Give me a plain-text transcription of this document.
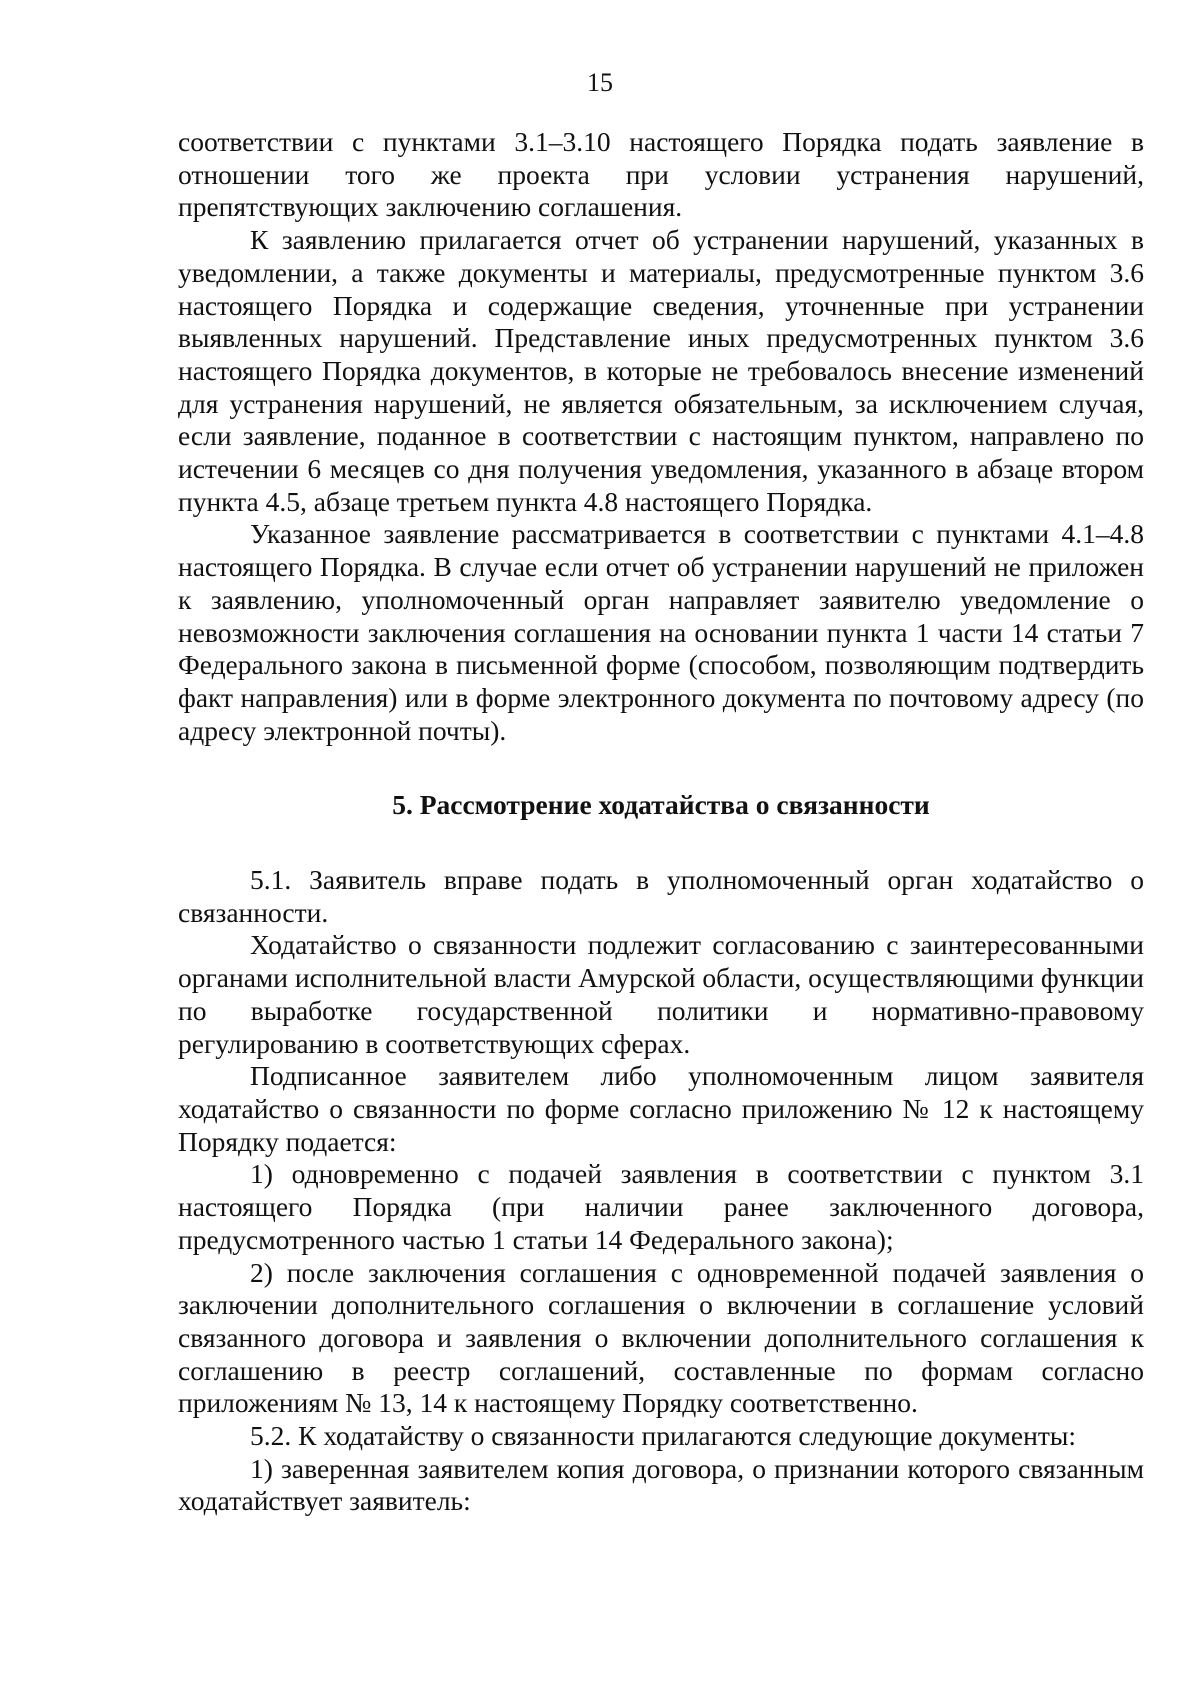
15

соответствии с пунктами 3.1–3.10 настоящего Порядка подать заявление в отношении того же проекта при условии устранения нарушений, препятствующих заключению соглашения.

К заявлению прилагается отчет об устранении нарушений, указанных в уведомлении, а также документы и материалы, предусмотренные пунктом 3.6 настоящего Порядка и содержащие сведения, уточненные при устранении выявленных нарушений. Представление иных предусмотренных пунктом 3.6 настоящего Порядка документов, в которые не требовалось внесение изменений для устранения нарушений, не является обязательным, за исключением случая, если заявление, поданное в соответствии с настоящим пунктом, направлено по истечении 6 месяцев со дня получения уведомления, указанного в абзаце втором пункта 4.5, абзаце третьем пункта 4.8 настоящего Порядка.

Указанное заявление рассматривается в соответствии с пунктами 4.1–4.8 настоящего Порядка. В случае если отчет об устранении нарушений не приложен к заявлению, уполномоченный орган направляет заявителю уведомление о невозможности заключения соглашения на основании пункта 1 части 14 статьи 7 Федерального закона в письменной форме (способом, позволяющим подтвердить факт направления) или в форме электронного документа по почтовому адресу (по адресу электронной почты).

5. Рассмотрение ходатайства о связанности

5.1. Заявитель вправе подать в уполномоченный орган ходатайство о связанности.

Ходатайство о связанности подлежит согласованию с заинтересованными органами исполнительной власти Амурской области, осуществляющими функции по выработке государственной политики и нормативно-правовому регулированию в соответствующих сферах.

Подписанное заявителем либо уполномоченным лицом заявителя ходатайство о связанности по форме согласно приложению № 12 к настоящему Порядку подается:

1) одновременно с подачей заявления в соответствии с пунктом 3.1 настоящего Порядка (при наличии ранее заключенного договора, предусмотренного частью 1 статьи 14 Федерального закона);

2) после заключения соглашения с одновременной подачей заявления о заключении дополнительного соглашения о включении в соглашение условий связанного договора и заявления о включении дополнительного соглашения к соглашению в реестр соглашений, составленные по формам согласно приложениям № 13, 14 к настоящему Порядку соответственно.

5.2. К ходатайству о связанности прилагаются следующие документы:

1) заверенная заявителем копия договора, о признании которого связанным ходатайствует заявитель:
